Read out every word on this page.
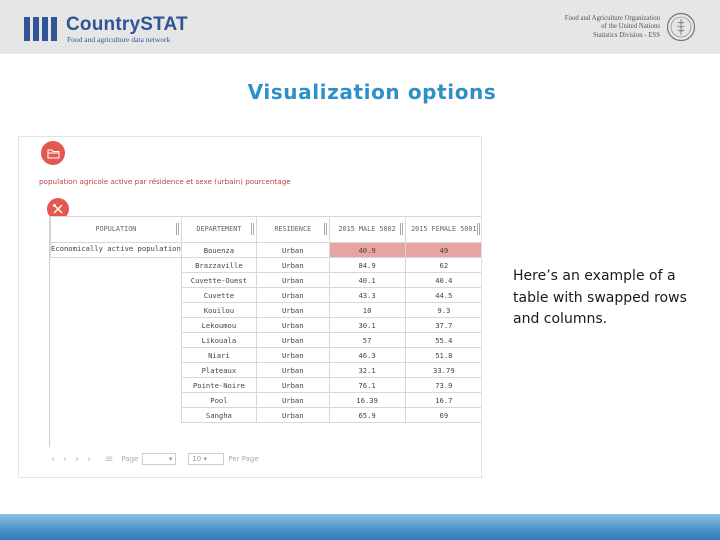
CountrySTAT
Food and agriculture data network
Food and Agriculture Organization
of the United Nations
Statistics Division - ESS
Visualization options
population agricole active par résidence et sexe (urbain) pourcentage
POPULATION	DEPARTEMENT	RESIDENCE	2015 MALE 5002	2015 FEMALE 5001

Economically active population	Bouenza	Urban	40.9	49
	Brazzaville	Urban	84.9	62
	Cuvette-Ouest	Urban	40.1	40.4
	Cuvette	Urban	43.3	44.5
	Kouilou	Urban	10	9.3
	Lekoumou	Urban	30.1	37.7
	Likouala	Urban	57	55.4
	Niari	Urban	46.3	51.8
	Plateaux	Urban	32.1	33.79
	Pointe-Noire	Urban	76.1	73.9
	Pool	Urban	16.39	16.7
	Sangha	Urban	65.9	69
‹ ‹ › › ≡ Page	▾	10 ▾	Per Page
Here’s an example of a table with swapped rows and columns.
